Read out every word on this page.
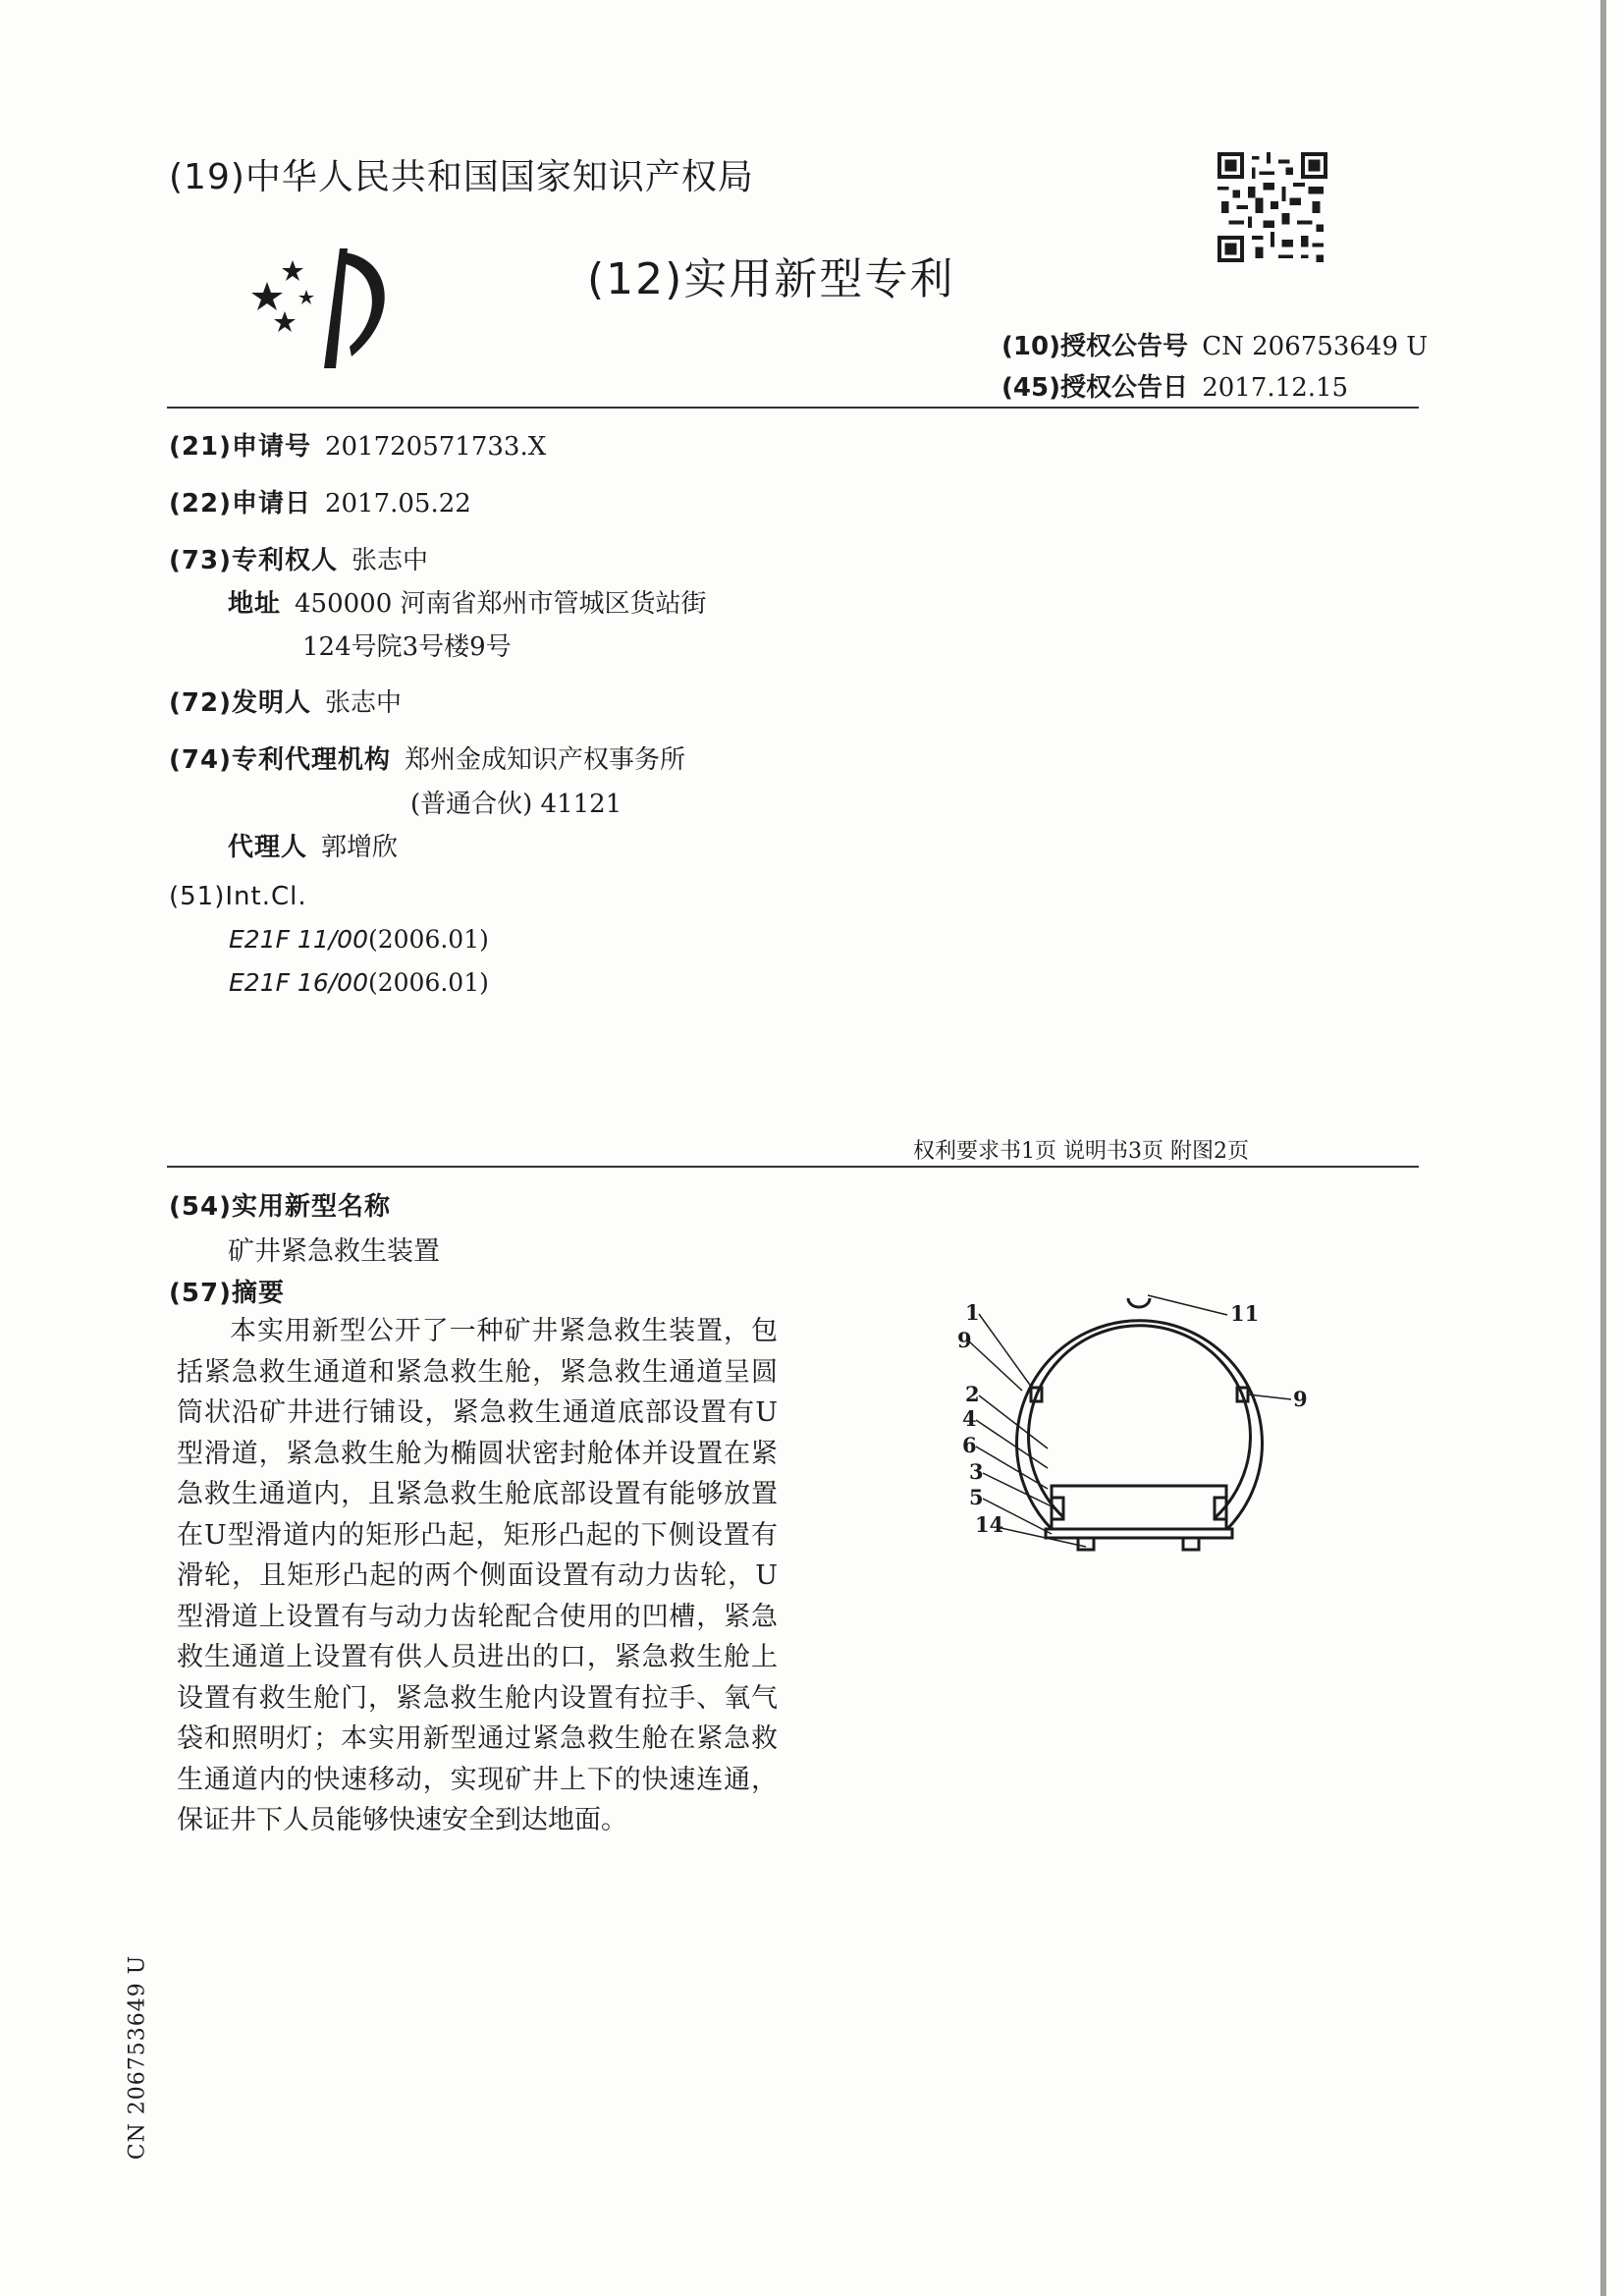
(19)中华人民共和国国家知识产权局
(12)实用新型专利
(10)授权公告号 CN 206753649 U
(45)授权公告日 2017.12.15
(21)申请号 201720571733.X
(22)申请日 2017.05.22
(73)专利权人 张志中
地址 450000 河南省郑州市管城区货站街
124号院3号楼9号
(72)发明人 张志中
(74)专利代理机构 郑州金成知识产权事务所
(普通合伙) 41121
代理人 郭增欣
(51)Int.Cl.
E21F 11/00(2006.01)
E21F 16/00(2006.01)
权利要求书1页 说明书3页 附图2页
(54)实用新型名称
矿井紧急救生装置
(57)摘要

本实用新型公开了一种矿井紧急救生装置，包括紧急救生通道和紧急救生舱，紧急救生通道呈圆筒状沿矿井进行铺设，紧急救生通道底部设置有U型滑道，紧急救生舱为椭圆状密封舱体并设置在紧急救生通道内，且紧急救生舱底部设置有能够放置在U型滑道内的矩形凸起，矩形凸起的下侧设置有滑轮，且矩形凸起的两个侧面设置有动力齿轮，U型滑道上设置有与动力齿轮配合使用的凹槽，紧急救生通道上设置有供人员进出的口，紧急救生舱上设置有救生舱门，紧急救生舱内设置有拉手、氧气袋和照明灯；本实用新型通过紧急救生舱在紧急救生通道内的快速移动，实现矿井上下的快速连通，保证井下人员能够快速安全到达地面。

1
9
2
4
6
3
5
14
11
9
CN 206753649 U
